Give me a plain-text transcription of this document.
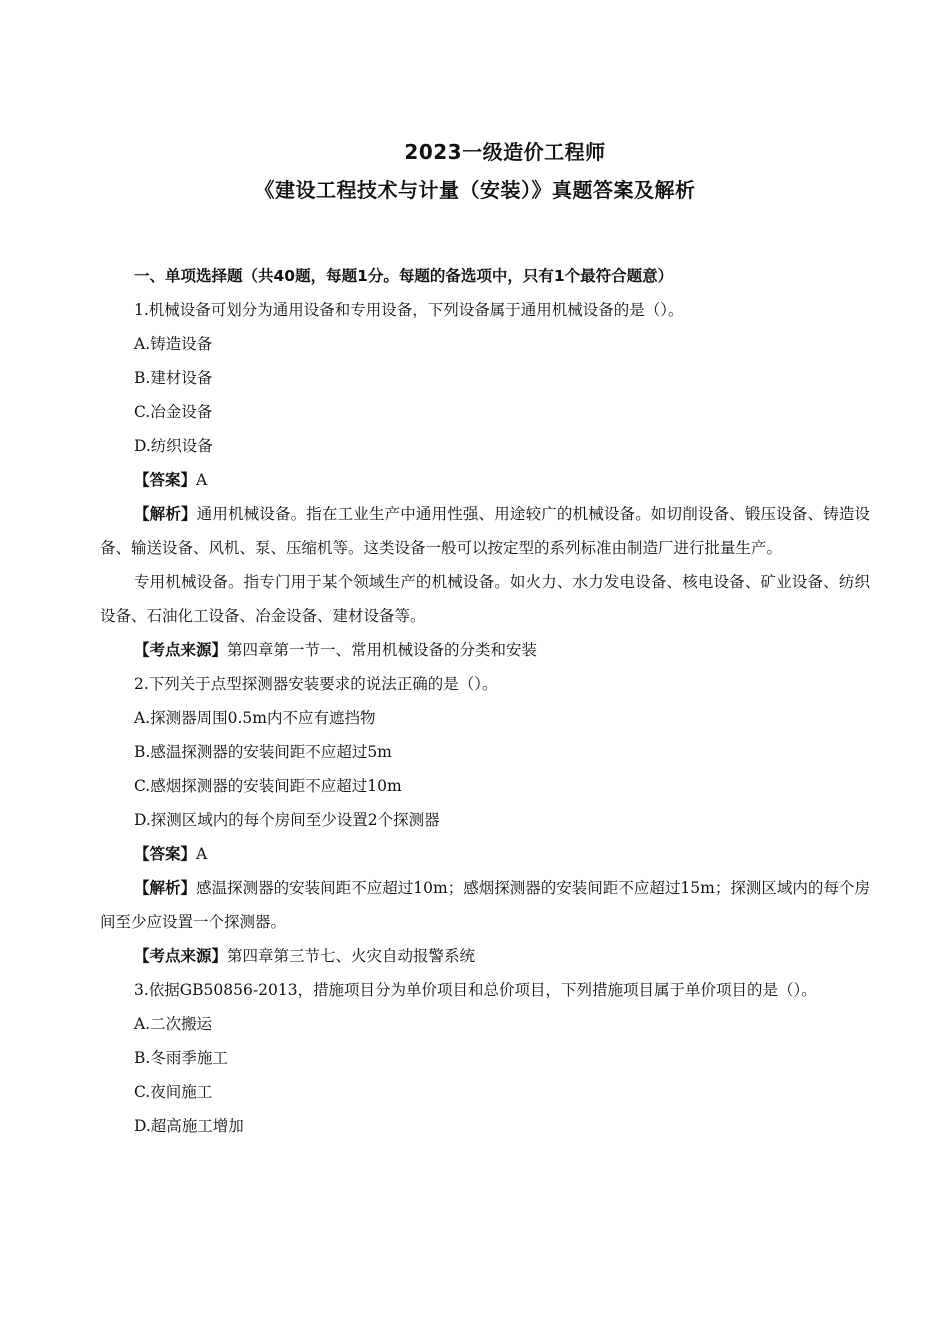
2023一级造价工程师
《建设工程技术与计量（安装）》真题答案及解析
一、单项选择题（共40题，每题1分。每题的备选项中，只有1个最符合题意）
1.机械设备可划分为通用设备和专用设备，下列设备属于通用机械设备的是（）。
A.铸造设备
B.建材设备
C.冶金设备
D.纺织设备
【答案】A
【解析】通用机械设备。指在工业生产中通用性强、用途较广的机械设备。如切削设备、锻压设备、铸造设备、输送设备、风机、泵、压缩机等。这类设备一般可以按定型的系列标准由制造厂进行批量生产。
专用机械设备。指专门用于某个领域生产的机械设备。如火力、水力发电设备、核电设备、矿业设备、纺织设备、石油化工设备、冶金设备、建材设备等。
【考点来源】第四章第一节一、常用机械设备的分类和安装
2.下列关于点型探测器安装要求的说法正确的是（）。
A.探测器周围0.5m内不应有遮挡物
B.感温探测器的安装间距不应超过5m
C.感烟探测器的安装间距不应超过10m
D.探测区域内的每个房间至少设置2个探测器
【答案】A
【解析】感温探测器的安装间距不应超过10m；感烟探测器的安装间距不应超过15m；探测区域内的每个房间至少应设置一个探测器。
【考点来源】第四章第三节七、火灾自动报警系统
3.依据GB50856-2013，措施项目分为单价项目和总价项目，下列措施项目属于单价项目的是（）。
A.二次搬运
B.冬雨季施工
C.夜间施工
D.超高施工增加
